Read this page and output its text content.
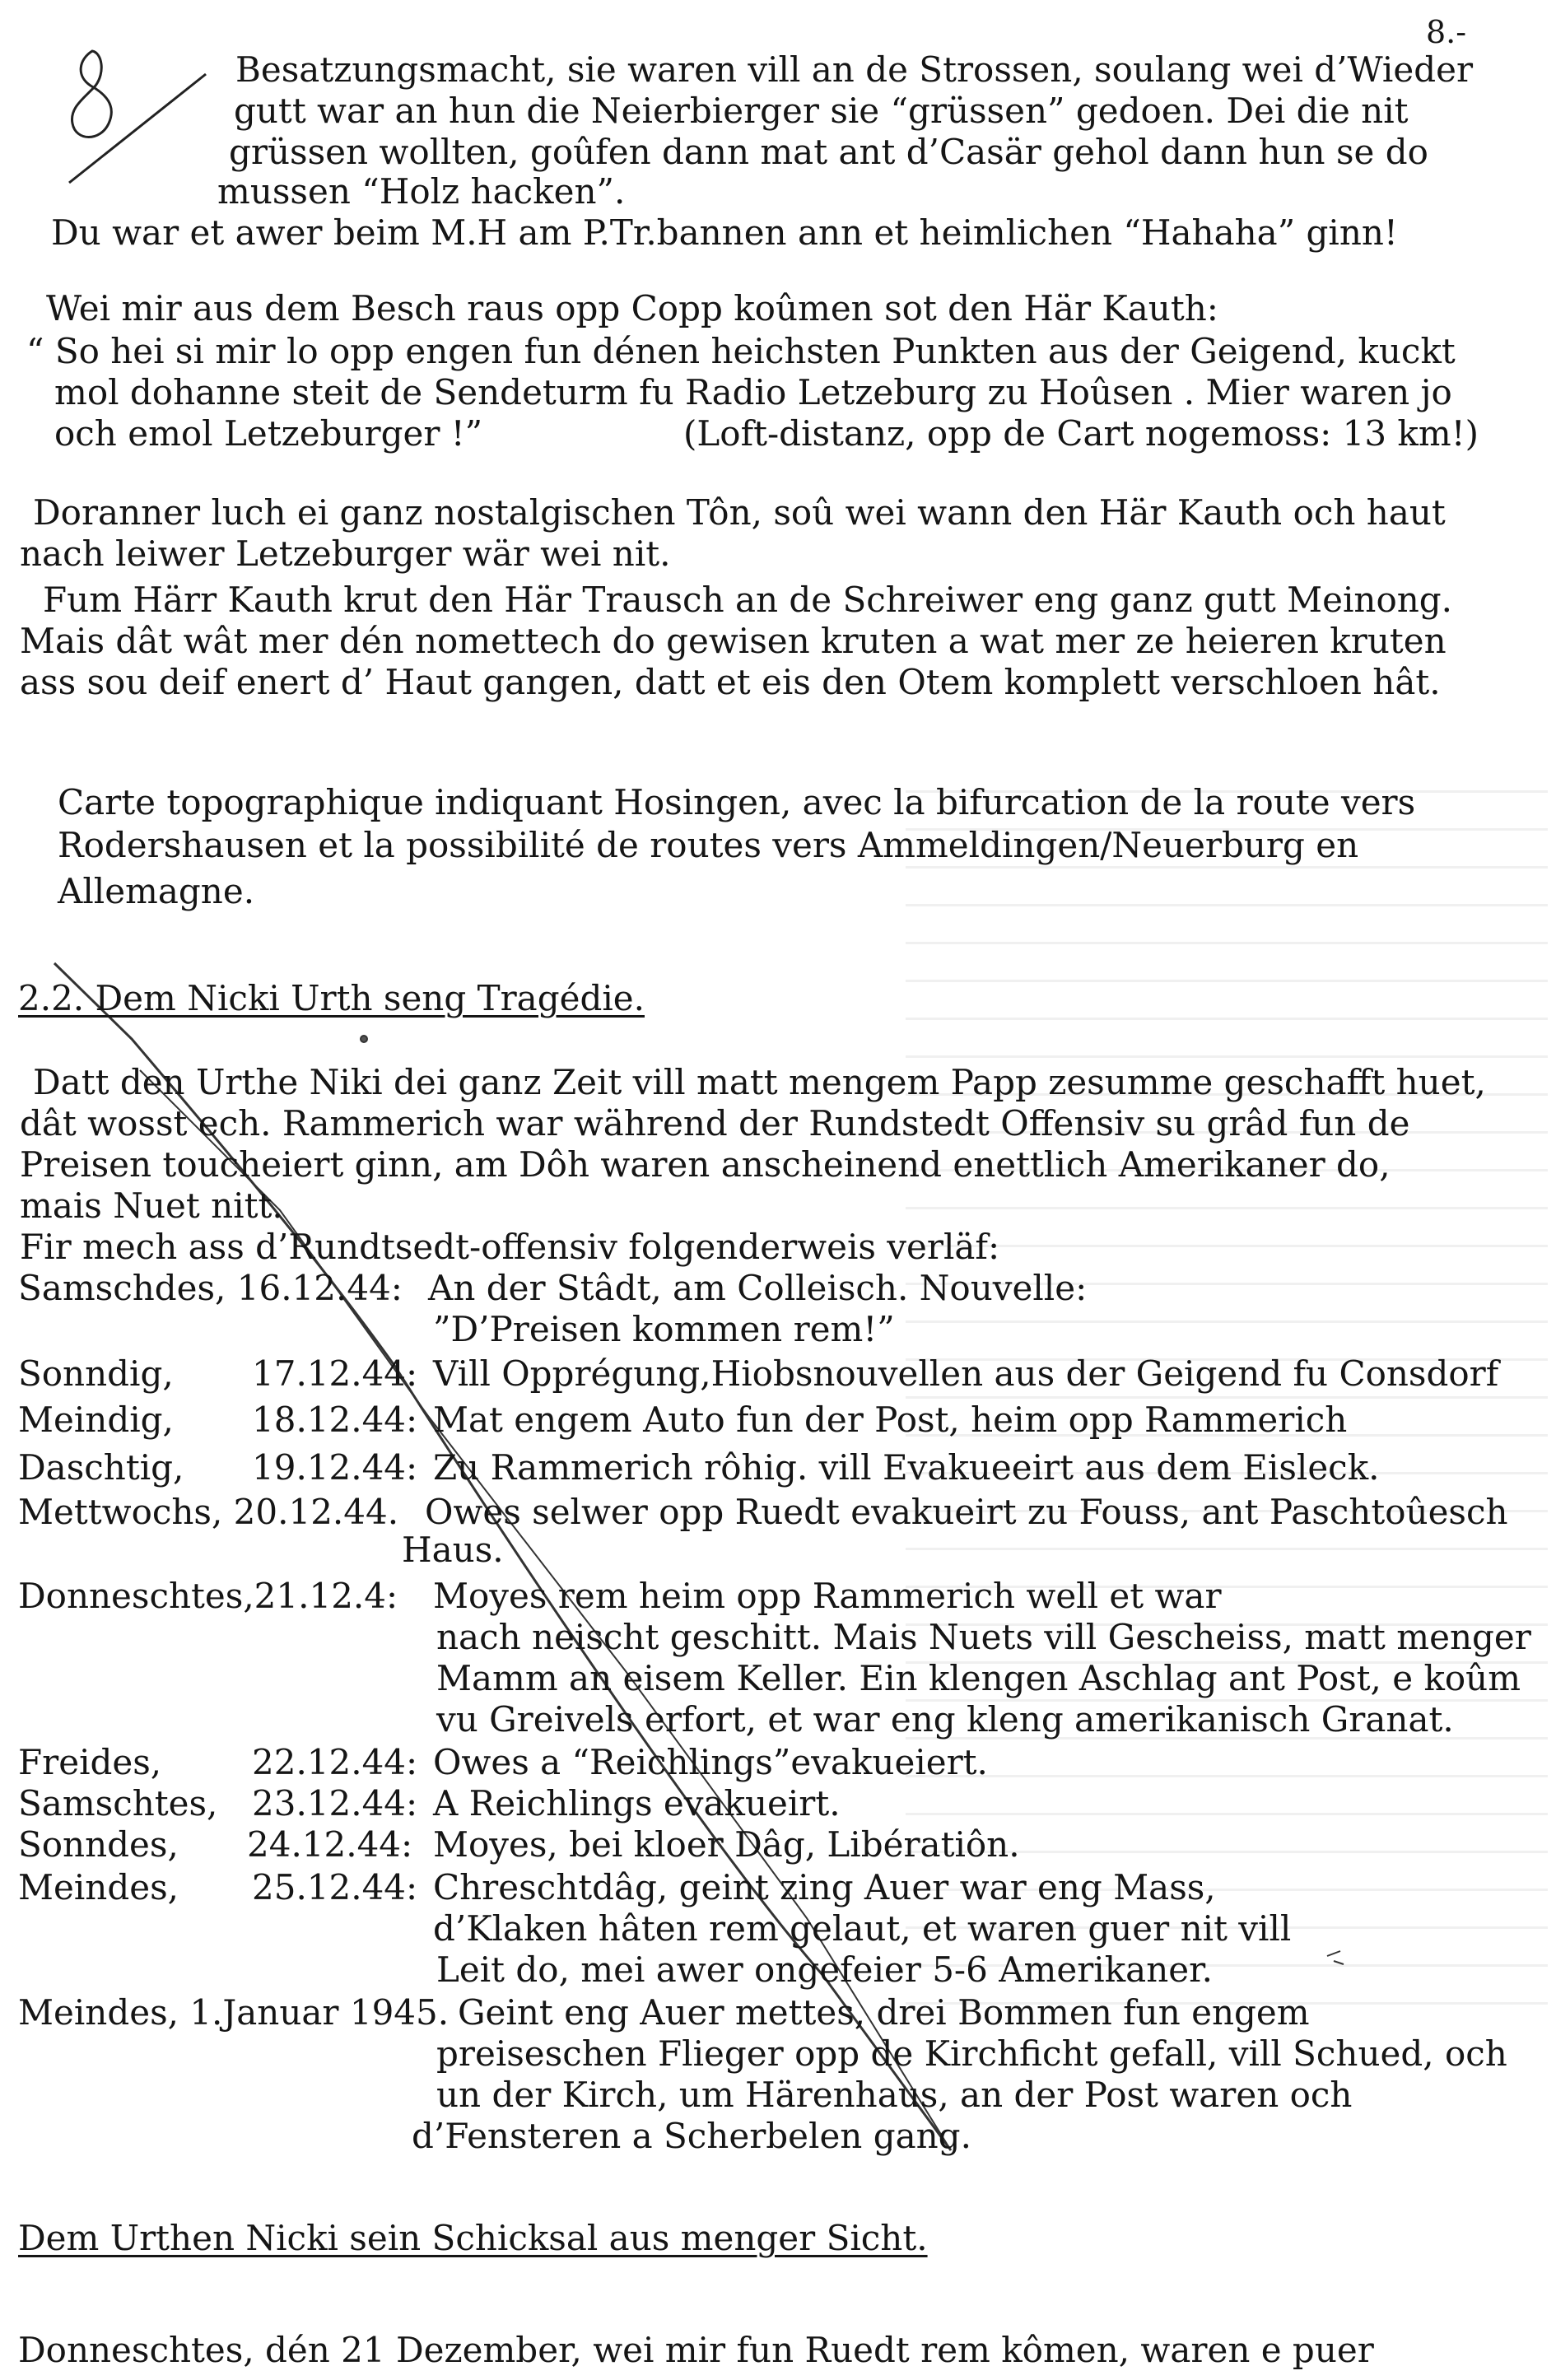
8.-
Besatzungsmacht, sie waren vill an de Strossen, soulang wei d’Wieder
gutt war an hun die Neierbierger sie “grüssen” gedoen. Dei die nit
grüssen wollten, goûfen dann mat ant d’Casär gehol dann hun se do
mussen “Holz hacken”.
Du war et awer beim M.H am P.Tr.bannen ann et heimlichen “Hahaha” ginn!
Wei mir aus dem Besch raus opp Copp koûmen sot den Här Kauth:
“ So hei si mir lo opp engen fun dénen heichsten Punkten aus der Geigend, kuckt
mol dohanne steit de Sendeturm fu Radio Letzeburg zu Hoûsen . Mier waren jo
och emol Letzeburger !”	(Loft-distanz, opp de Cart nogemoss: 13 km!)
Doranner luch ei ganz nostalgischen Tôn, soû wei wann den Här Kauth och haut
nach leiwer Letzeburger wär wei nit.
Fum Härr Kauth krut den Här Trausch an de Schreiwer eng ganz gutt Meinong.
Mais dât wât mer dén nomettech do gewisen kruten a wat mer ze heieren kruten
ass sou deif enert d’ Haut gangen, datt et eis den Otem komplett verschloen hât.
Carte topographique indiquant Hosingen, avec la bifurcation de la route vers
Rodershausen et la possibilité de routes vers Ammeldingen/Neuerburg en
Allemagne.
2.2. Dem Nicki Urth seng Tragédie.
Datt den Urthe Niki dei ganz Zeit vill matt mengem Papp zesumme geschafft huet,
dât wosst ech. Rammerich war während der Rundstedt Offensiv su grâd fun de
Preisen toucheiert ginn, am Dôh waren anscheinend enettlich Amerikaner do,
mais Nuet nitt.
Fir mech ass d’Rundtsedt-offensiv folgenderweis verläf:
Samschdes, 16.12.44: An der Stâdt, am Colleisch. Nouvelle:
”D’Preisen kommen rem!”
Sonndig, 17.12.44: Vill Opprégung,Hiobsnouvellen aus der Geigend fu Consdorf
Meindig, 18.12.44: Mat engem Auto fun der Post, heim opp Rammerich
Daschtig, 19.12.44: Zu Rammerich rôhig. vill Evakueeirt aus dem Eisleck.
Mettwochs, 20.12.44. Owes selwer opp Ruedt evakueirt zu Fouss, ant Paschtoûesch
Haus.
Donneschtes,21.12.4: Moyes rem heim opp Rammerich well et war
nach neischt geschitt. Mais Nuets vill Gescheiss, matt menger
Mamm an eisem Keller. Ein klengen Aschlag ant Post, e koûm
vu Greivels erfort, et war eng kleng amerikanisch Granat.
Freides,	22.12.44: Owes a “Reichlings”evakueiert.
Samschtes, 23.12.44: A Reichlings evakueirt.
Sonndes, 24.12.44: Moyes, bei kloer Dâg, Libératiôn.
Meindes, 25.12.44: Chreschtdâg, geint zing Auer war eng Mass,
d’Klaken hâten rem gelaut, et waren guer nit vill
Leit do, mei awer ongefeier 5-6 Amerikaner.
Meindes, 1.Januar 1945. Geint eng Auer mettes, drei Bommen fun engem
preiseschen Flieger opp de Kirchficht gefall, vill Schued, och
un der Kirch, um Härenhaus, an der Post waren och
d’Fensteren a Scherbelen gang.
Dem Urthen Nicki sein Schicksal aus menger Sicht.
Donneschtes, dén 21 Dezember, wei mir fun Ruedt rem kômen, waren e puer
